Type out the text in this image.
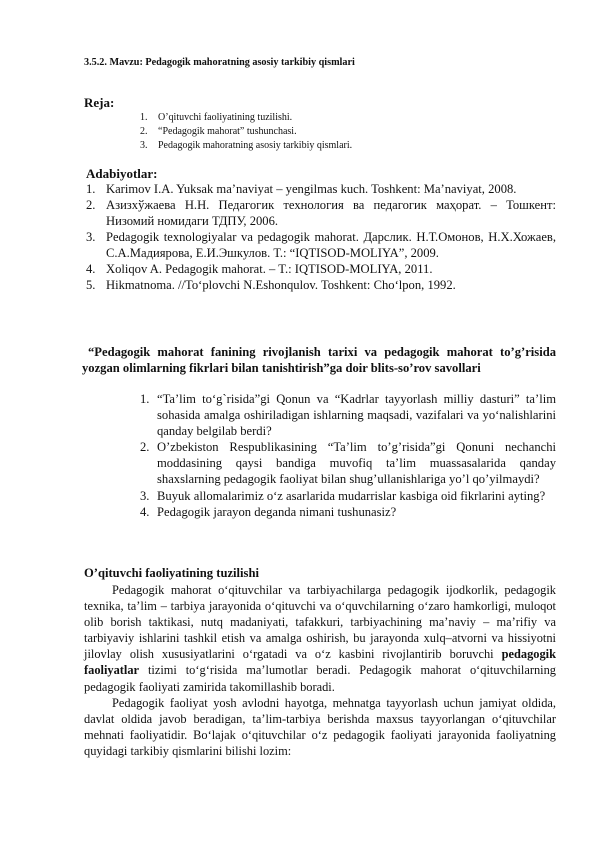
3.5.2. Mavzu: Pedagogik mahoratning asosiy tarkibiy qismlari
Reja:
1.	O’qituvchi faoliyatining tuzilishi.
2.	“Pedagogik mahorat” tushunchasi.
3.	Pedagogik mahoratning asosiy tarkibiy qismlari.
Adabiyotlar:
1. Karimov I.A. Yuksak ma’naviyat – yengilmas kuch. Toshkent: Ma’naviyat, 2008.
2. Азизхўжаева Н.Н. Педагогик технология ва педагогик маҳорат. – Тошкент: Низомий номидаги ТДПУ, 2006.
3. Pedagogik texnologiyalar va pedagogik mahorat. Дарслик. Н.Т.Омонов, Н.Х.Хожаев, С.А.Мадиярова, Е.И.Эшкулов. Т.: “IQTISOD-MOLIYA”, 2009.
4. Xoliqov A. Pedagogik mahorat. – T.: IQTISOD-MOLIYA, 2011.
5. Hikmatnoma. //To‘plovchi N.Eshonqulov. Toshkent: Cho‘lpon, 1992.
“Pedagogik mahorat fanining rivojlanish tarixi va pedagogik mahorat to’g’risida yozgan olimlarning fikrlari bilan tanishtirish”ga doir blits-so’rov savollari
1. “Ta’lim to‘g`risida”gi Qonun va “Kadrlar tayyorlash milliy dasturi” ta’lim sohasida amalga oshiriladigan ishlarning maqsadi, vazifalari va yo‘nalishlarini qanday belgilab berdi?
2. O’zbekiston Respublikasining “Ta’lim to’g’risida”gi Qonuni nechanchi moddasining qaysi bandiga muvofiq ta’lim muassasalarida qanday shaxslarning pedagogik faoliyat bilan shug’ullanishlariga yo’l qo’yilmaydi?
3. Buyuk allomalarimiz o‘z asarlarida mudarrislar kasbiga oid fikrlarini ayting?
4. Pedagogik jarayon deganda nimani tushunasiz?
O’qituvchi faoliyatining tuzilishi

Pedagogik mahorat o‘qituvchilar va tarbiyachilarga pedagogik ijodkorlik, pedagogik texnika, ta’lim – tarbiya jarayonida o‘qituvchi va o‘quvchilarning o‘zaro hamkorligi, muloqot olib borish taktikasi, nutq madaniyati, tafakkuri, tarbiyachining ma’naviy – ma’rifiy va tarbiyaviy ishlarini tashkil etish va amalga oshirish, bu jarayonda xulq–atvorni va hissiyotni jilovlay olish xususiyatlarini o‘rgatadi va o‘z kasbini rivojlantirib boruvchi pedagogik faoliyatlar tizimi to‘g‘risida ma’lumotlar beradi. Pedagogik mahorat o‘qituvchilarning pedagogik faoliyati zamirida takomillashib boradi.

Pedagogik faoliyat yosh avlodni hayotga, mehnatga tayyorlash uchun jamiyat oldida, davlat oldida javob beradigan, ta’lim-tarbiya berishda maxsus tayyorlangan o‘qituvchilar mehnati faoliyatidir. Bo‘lajak o‘qituvchilar o‘z pedagogik faoliyati jarayonida faoliyatning quyidagi tarkibiy qismlarini bilishi lozim:
